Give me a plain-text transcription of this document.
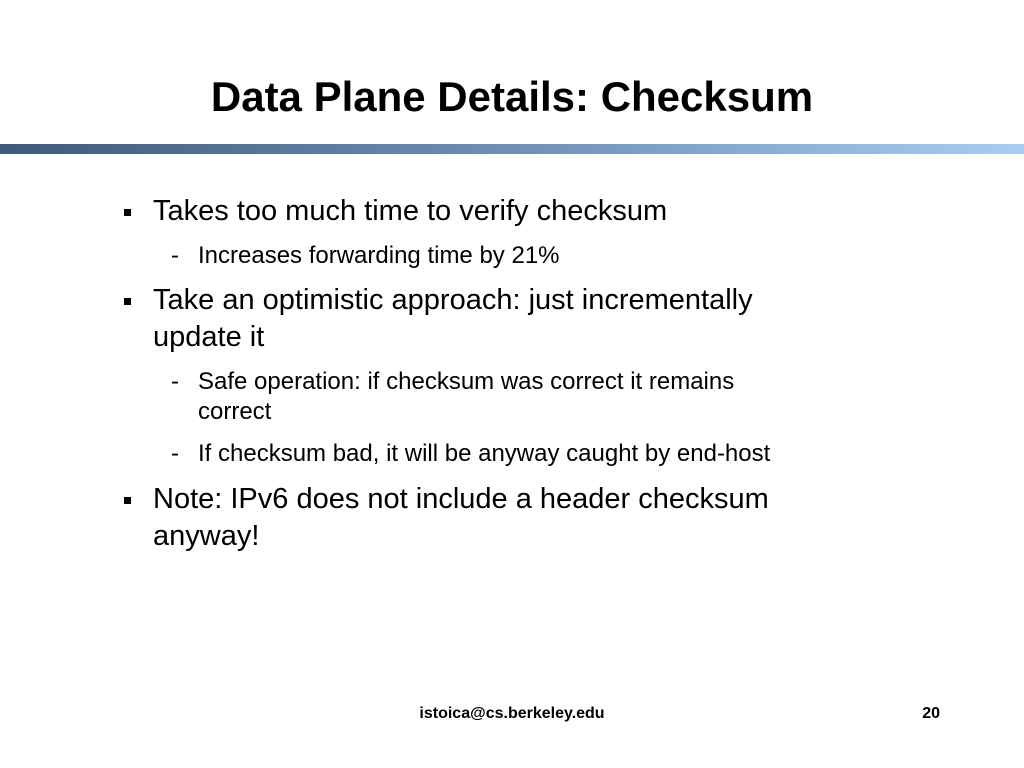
Data Plane Details: Checksum
Takes too much time to verify checksum
- Increases forwarding time by 21%
Take an optimistic approach: just incrementally
update it
- Safe operation: if checksum was correct it remains
correct
- If checksum bad, it will be anyway caught by end-host
Note: IPv6 does not include a header checksum
anyway!
istoica@cs.berkeley.edu	20
